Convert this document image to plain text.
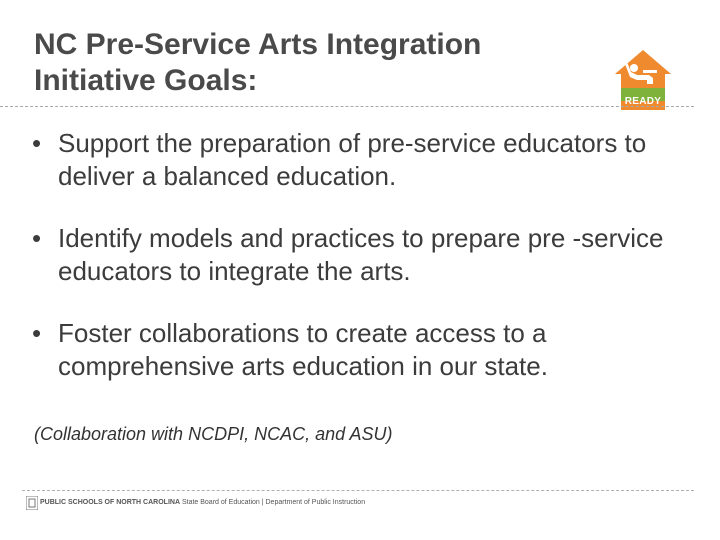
NC Pre-Service Arts Integration
Initiative Goals:
READY
• Support the preparation of pre-service educators to deliver a balanced education.
• Identify models and practices to prepare pre -service educators to integrate the arts.
• Foster collaborations to create access to a comprehensive arts education in our state.
(Collaboration with NCDPI, NCAC, and ASU)
PUBLIC SCHOOLS OF NORTH CAROLINA State Board of Education | Department of Public Instruction
